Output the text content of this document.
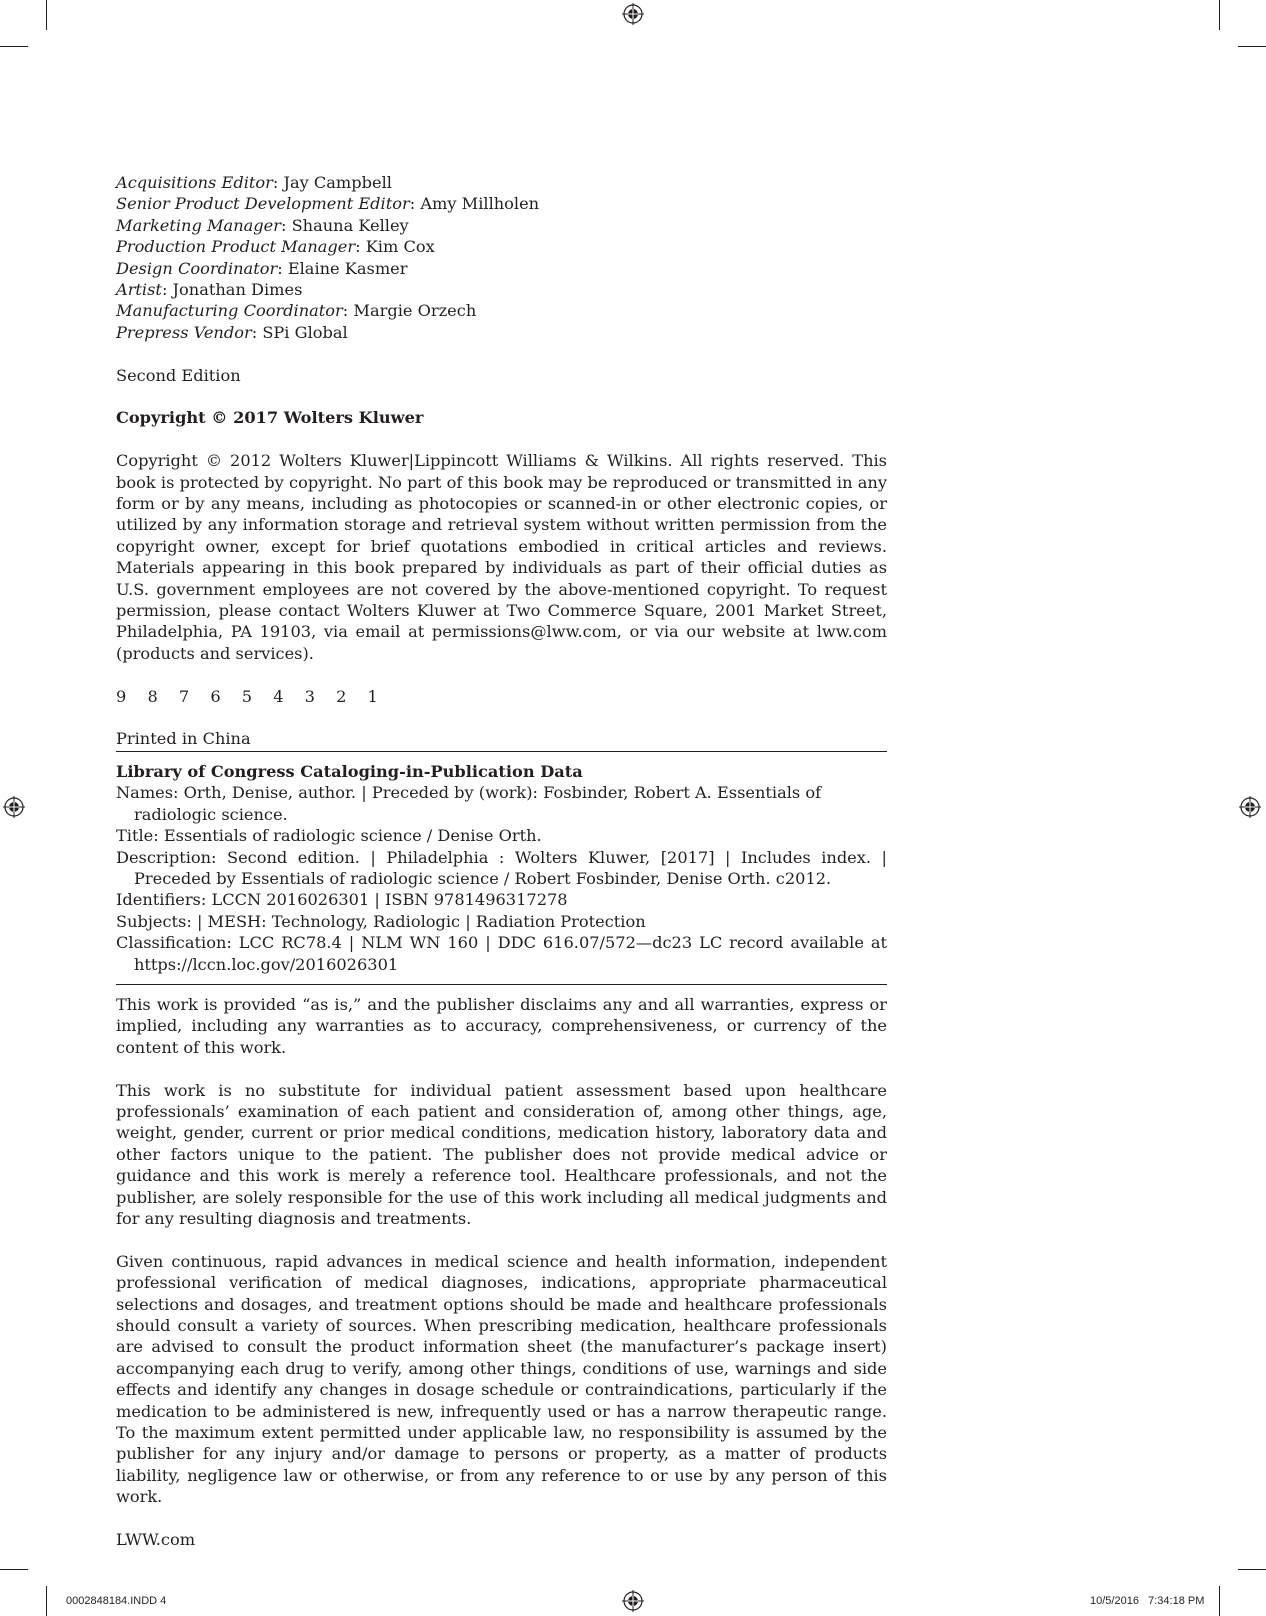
Acquisitions Editor: Jay Campbell

Senior Product Development Editor: Amy Millholen

Marketing Manager: Shauna Kelley

Production Product Manager: Kim Cox

Design Coordinator: Elaine Kasmer

Artist: Jonathan Dimes

Manufacturing Coordinator: Margie Orzech

Prepress Vendor: SPi Global

Second Edition

Copyright © 2017 Wolters Kluwer

Copyright © 2012 Wolters Kluwer|Lippincott Williams & Wilkins. All rights reserved. This book is protected by copyright. No part of this book may be reproduced or transmitted in any form or by any means, including as photocopies or scanned-in or other electronic copies, or utilized by any information storage and retrieval system without written permission from the copyright owner, except for brief quotations embodied in critical articles and reviews. Materials appearing in this book prepared by individuals as part of their official duties as U.S. government employees are not covered by the above-mentioned copyright. To request permission, please contact Wolters Kluwer at Two Commerce Square, 2001 Market Street, Philadelphia, PA 19103, via email at permissions@lww.com, or via our website at lww.com (products and services).

9 8 7 6 5 4 3 2 1

Printed in China

Library of Congress Cataloging-in-Publication Data

Names: Orth, Denise, author. | Preceded by (work): Fosbinder, Robert A. Essentials of radiologic science.

Title: Essentials of radiologic science / Denise Orth.

Description: Second edition. | Philadelphia : Wolters Kluwer, [2017] | Includes index. | Preceded by Essentials of radiologic science / Robert Fosbinder, Denise Orth. c2012.

Identifiers: LCCN 2016026301 | ISBN 9781496317278

Subjects: | MESH: Technology, Radiologic | Radiation Protection

Classification: LCC RC78.4 | NLM WN 160 | DDC 616.07/572—dc23 LC record available at https://lccn.loc.gov/2016026301

This work is provided “as is,” and the publisher disclaims any and all warranties, express or implied, including any warranties as to accuracy, comprehensiveness, or currency of the content of this work.

This work is no substitute for individual patient assessment based upon healthcare professionals’ examination of each patient and consideration of, among other things, age, weight, gender, current or prior medical conditions, medication history, laboratory data and other factors unique to the patient. The publisher does not provide medical advice or guidance and this work is merely a reference tool. Healthcare professionals, and not the publisher, are solely responsible for the use of this work including all medical judgments and for any resulting diagnosis and treatments.

Given continuous, rapid advances in medical science and health information, independent professional verification of medical diagnoses, indications, appropriate pharmaceutical selections and dosages, and treatment options should be made and healthcare professionals should consult a variety of sources. When prescribing medication, healthcare professionals are advised to consult the product information sheet (the manufacturer’s package insert) accompanying each drug to verify, among other things, conditions of use, warnings and side effects and identify any changes in dosage schedule or contraindications, particularly if the medication to be administered is new, infrequently used or has a narrow therapeutic range. To the maximum extent permitted under applicable law, no responsibility is assumed by the publisher for any injury and/or damage to persons or property, as a matter of products liability, negligence law or otherwise, or from any reference to or use by any person of this work.

LWW.com

0002848184.INDD 4	10/5/2016   7:34:18 PM
